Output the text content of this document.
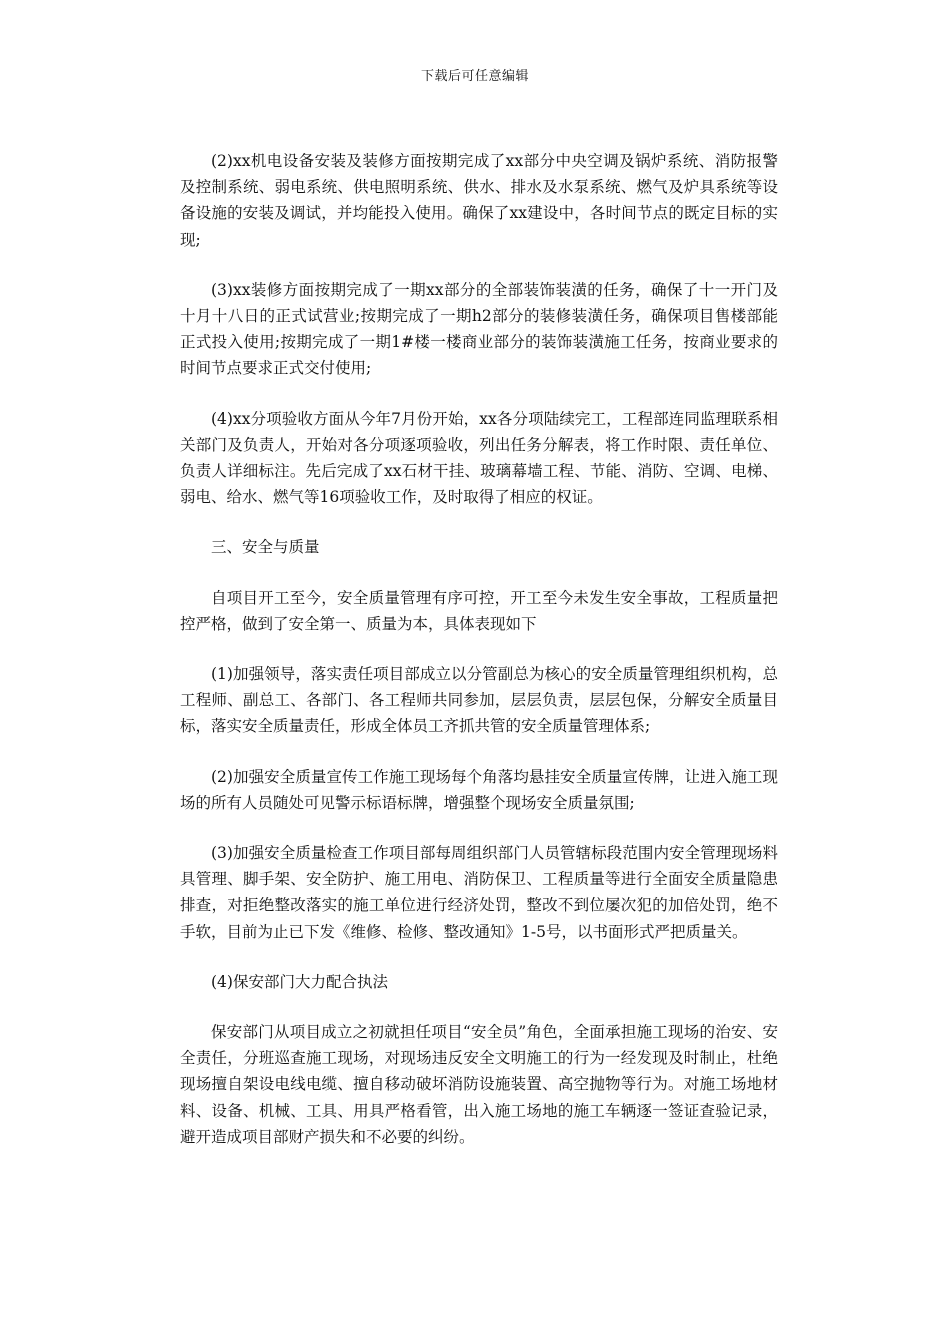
下载后可任意编辑

(2)xx机电设备安装及装修方面按期完成了xx部分中央空调及锅炉系统、消防报警及控制系统、弱电系统、供电照明系统、供水、排水及水泵系统、燃气及炉具系统等设备设施的安装及调试，并均能投入使用。确保了xx建设中，各时间节点的既定目标的实现;

(3)xx装修方面按期完成了一期xx部分的全部装饰装潢的任务，确保了十一开门及十月十八日的正式试营业;按期完成了一期h2部分的装修装潢任务，确保项目售楼部能正式投入使用;按期完成了一期1#楼一楼商业部分的装饰装潢施工任务，按商业要求的时间节点要求正式交付使用;

(4)xx分项验收方面从今年7月份开始，xx各分项陆续完工，工程部连同监理联系相关部门及负责人，开始对各分项逐项验收，列出任务分解表，将工作时限、责任单位、负责人详细标注。先后完成了xx石材干挂、玻璃幕墙工程、节能、消防、空调、电梯、弱电、给水、燃气等16项验收工作，及时取得了相应的权证。

三、安全与质量

自项目开工至今，安全质量管理有序可控，开工至今未发生安全事故，工程质量把控严格，做到了安全第一、质量为本，具体表现如下

(1)加强领导，落实责任项目部成立以分管副总为核心的安全质量管理组织机构，总工程师、副总工、各部门、各工程师共同参加，层层负责，层层包保，分解安全质量目标，落实安全质量责任，形成全体员工齐抓共管的安全质量管理体系;

(2)加强安全质量宣传工作施工现场每个角落均悬挂安全质量宣传牌，让进入施工现场的所有人员随处可见警示标语标牌，增强整个现场安全质量氛围;

(3)加强安全质量检查工作项目部每周组织部门人员管辖标段范围内安全管理现场料具管理、脚手架、安全防护、施工用电、消防保卫、工程质量等进行全面安全质量隐患排查，对拒绝整改落实的施工单位进行经济处罚，整改不到位屡次犯的加倍处罚，绝不手软，目前为止已下发《维修、检修、整改通知》1-5号，以书面形式严把质量关。

(4)保安部门大力配合执法

保安部门从项目成立之初就担任项目“安全员”角色，全面承担施工现场的治安、安全责任，分班巡查施工现场，对现场违反安全文明施工的行为一经发现及时制止，杜绝现场擅自架设电线电缆、擅自移动破坏消防设施装置、高空抛物等行为。对施工场地材料、设备、机械、工具、用具严格看管，出入施工场地的施工车辆逐一签证查验记录，避开造成项目部财产损失和不必要的纠纷。
